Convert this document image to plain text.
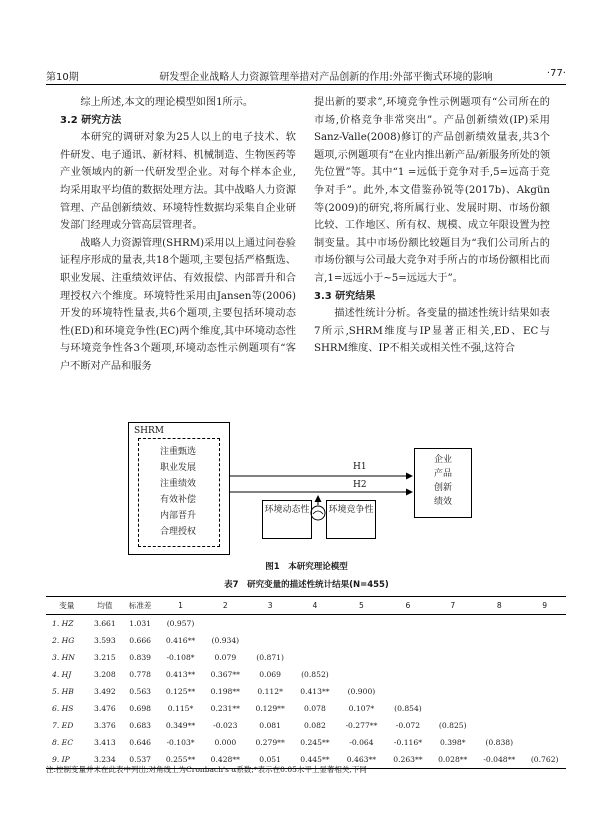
第10期	研发型企业战略人力资源管理举措对产品创新的作用:外部平衡式环境的影响	·77·

综上所述,本文的理论模型如图1所示。

3.2 研究方法

本研究的调研对象为25人以上的电子技术、软件研发、电子通讯、新材料、机械制造、生物医药等产业领域内的新一代研发型企业。对每个样本企业,均采用取平均值的数据处理方法。其中战略人力资源管理、产品创新绩效、环境特性数据均采集自企业研发部门经理或分管高层管理者。

战略人力资源管理(SHRM)采用以上通过问卷验证程序形成的量表,共18个题项,主要包括严格甄选、职业发展、注重绩效评估、有效报偿、内部晋升和合理授权六个维度。环境特性采用由Jansen等(2006)开发的环境特性量表,共6个题项,主要包括环境动态性(ED)和环境竞争性(EC)两个维度,其中环境动态性与环境竞争性各3个题项,环境动态性示例题项有“客户不断对产品和服务

提出新的要求”,环境竞争性示例题项有“公司所在的市场,价格竞争非常突出”。产品创新绩效(IP)采用Sanz-Valle(2008)修订的产品创新绩效量表,共3个题项,示例题项有“在业内推出新产品/新服务所处的领先位置”等。其中“1 =远低于竞争对手,5=远高于竞争对手”。此外,本文借鉴孙锐等(2017b)、Akgün 等(2009)的研究,将所属行业、发展时期、市场份额比较、工作地区、所有权、规模、成立年限设置为控制变量。其中市场份额比较题目为“我们公司所占的市场份额与公司最大竞争对手所占的市场份额相比而言,1=远远小于~5=远远大于”。

3.3 研究结果

描述性统计分析。各变量的描述性统计结果如表7所示,SHRM维度与IP显著正相关,ED、EC与SHRM维度、IP不相关或相关性不强,这符合

SHRM
注重甄选
职业发展
注重绩效
有效补偿
内部晋升
合理授权
H1
H2
环境动态性 环境竞争性
企业产品创新绩效
图1　本研究理论模型
表7　研究变量的描述性统计结果(N=455)
变量	均值	标准差	1	2	3	4	5	6	7	8	9
1. HZ	3.661	1.031	(0.957)								
2. HG	3.593	0.666	0.416**	(0.934)							
3. HN	3.215	0.839	-0.108*	0.079	(0.871)						
4. HJ	3.208	0.778	0.413**	0.367**	0.069	(0.852)					
5. HB	3.492	0.563	0.125**	0.198**	0.112*	0.413**	(0.900)				
6. HS	3.476	0.698	0.115*	0.231**	0.129**	0.078	0.107*	(0.854)			
7. ED	3.376	0.683	0.349**	-0.023	0.081	0.082	-0.277**	-0.072	(0.825)		
8. EC	3.413	0.646	-0.103*	0.000	0.279**	0.245**	-0.064	-0.116*	0.398*	(0.838)	
9. IP	3.234	0.537	0.255**	0.428**	0.051	0.445**	0.463**	0.263**	0.028**	-0.048**	(0.762)
注:控制变量并未在此表中列出;对角线上为Cronbach's α系数;*表示在0.05水平上显著相关,下同
